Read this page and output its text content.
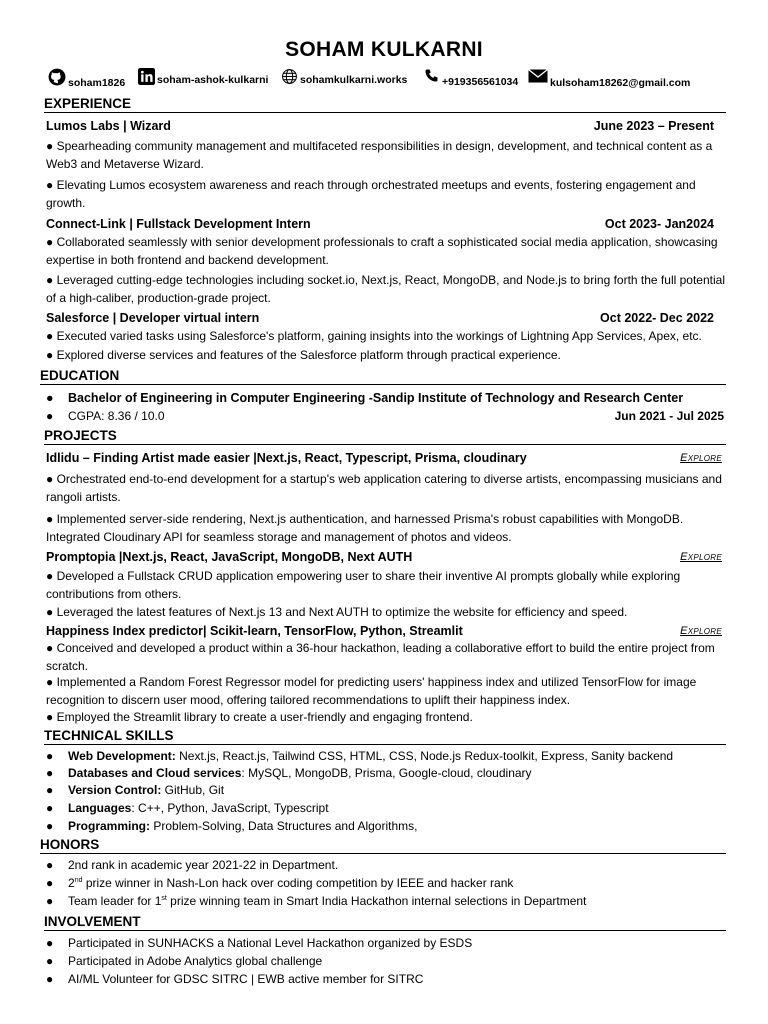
SOHAM KULKARNI
soham1826	soham-ashok-kulkarni	sohamkulkarni.works	+919356561034	kulsoham18262@gmail.com
EXPERIENCE
Lumos Labs | Wizard	June 2023 – Present
● Spearheading community management and multifaceted responsibilities in design, development, and technical content as a Web3 and Metaverse Wizard.
● Elevating Lumos ecosystem awareness and reach through orchestrated meetups and events, fostering engagement and growth.
Connect-Link | Fullstack Development Intern	Oct 2023- Jan2024
● Collaborated seamlessly with senior development professionals to craft a sophisticated social media application, showcasing expertise in both frontend and backend development.
● Leveraged cutting-edge technologies including socket.io, Next.js, React, MongoDB, and Node.js to bring forth the full potential of a high-caliber, production-grade project.
Salesforce | Developer virtual intern	Oct 2022- Dec 2022
● Executed varied tasks using Salesforce's platform, gaining insights into the workings of Lightning App Services, Apex, etc.
● Explored diverse services and features of the Salesforce platform through practical experience.
EDUCATION
● Bachelor of Engineering in Computer Engineering -Sandip Institute of Technology and Research Center
● CGPA: 8.36 / 10.0	Jun 2021 - Jul 2025
PROJECTS
Idlidu – Finding Artist made easier |Next.js, React, Typescript, Prisma, cloudinary	Explore
● Orchestrated end-to-end development for a startup's web application catering to diverse artists, encompassing musicians and rangoli artists.
● Implemented server-side rendering, Next.js authentication, and harnessed Prisma's robust capabilities with MongoDB. Integrated Cloudinary API for seamless storage and management of photos and videos.
Promptopia |Next.js, React, JavaScript, MongoDB, Next AUTH	Explore
● Developed a Fullstack CRUD application empowering user to share their inventive AI prompts globally while exploring contributions from others.
● Leveraged the latest features of Next.js 13 and Next AUTH to optimize the website for efficiency and speed.
Happiness Index predictor| Scikit-learn, TensorFlow, Python, Streamlit	Explore
● Conceived and developed a product within a 36-hour hackathon, leading a collaborative effort to build the entire project from scratch.
● Implemented a Random Forest Regressor model for predicting users' happiness index and utilized TensorFlow for image recognition to discern user mood, offering tailored recommendations to uplift their happiness index.
● Employed the Streamlit library to create a user-friendly and engaging frontend.
TECHNICAL SKILLS
● Web Development: Next.js, React.js, Tailwind CSS, HTML, CSS, Node.js Redux-toolkit, Express, Sanity backend
● Databases and Cloud services: MySQL, MongoDB, Prisma, Google-cloud, cloudinary
● Version Control: GitHub, Git
● Languages: C++, Python, JavaScript, Typescript
● Programming: Problem-Solving, Data Structures and Algorithms,
HONORS
● 2nd rank in academic year 2021-22 in Department.
● 2nd prize winner in Nash-Lon hack over coding competition by IEEE and hacker rank
● Team leader for 1st prize winning team in Smart India Hackathon internal selections in Department
INVOLVEMENT
● Participated in SUNHACKS a National Level Hackathon organized by ESDS
● Participated in Adobe Analytics global challenge
● AI/ML Volunteer for GDSC SITRC | EWB active member for SITRC
